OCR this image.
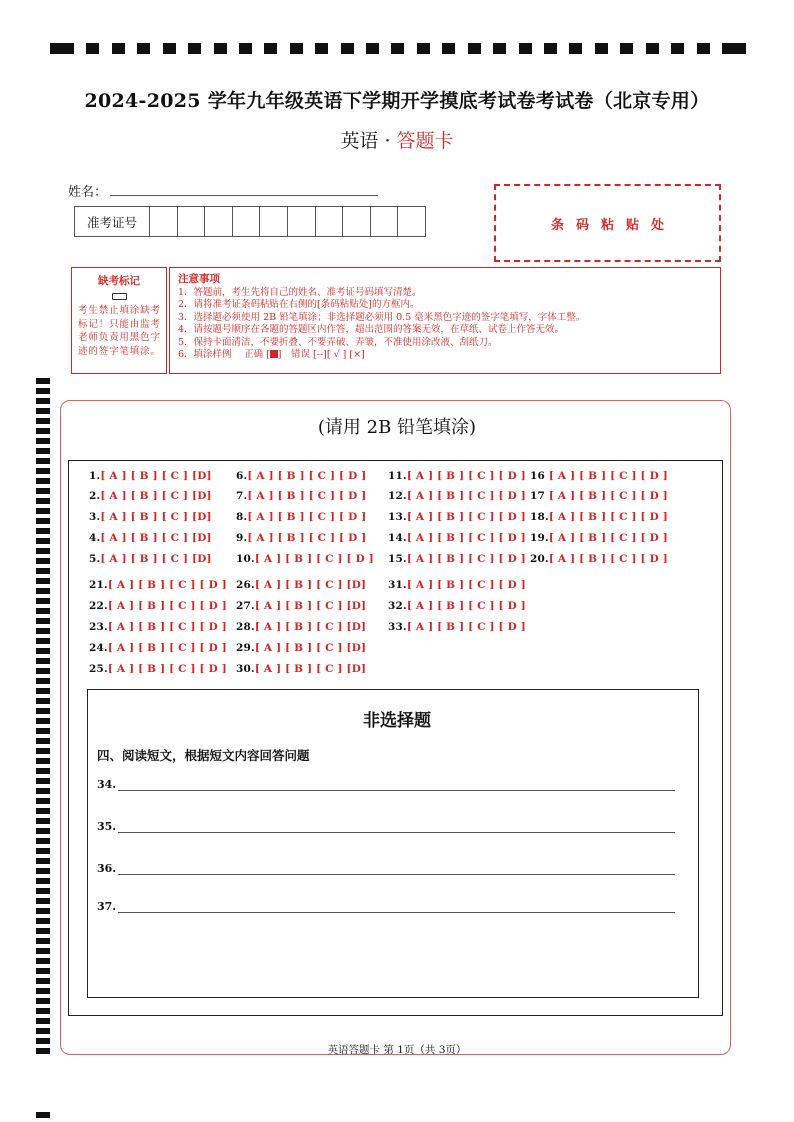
2024-2025 学年九年级英语下学期开学摸底考试卷考试卷（北京专用）
英语 · 答题卡
姓名：
准考证号	条码粘贴处
缺考标记
考生禁止填涂缺考标记！只能由监考老师负责用黑色字迹的签字笔填涂。
注意事项
1．答题前，考生先将自己的姓名、准考证号码填写清楚。
2．请将准考证条码粘贴在右侧的[条码粘贴处]的方框内。
3．选择题必须使用 2B 铅笔填涂；非选择题必须用 0.5 毫米黑色字迹的签字笔填写，字体工整。
4．请按题号顺序在各题的答题区内作答，超出范围的答案无效，在草纸、试卷上作答无效。
5．保持卡面清洁，不要折叠、不要弄破、弄皱，不准使用涂改液、刮纸刀。
6．填涂样例　 正确 [ ]　错误 [--][ √ ] [×]
(请用 2B 铅笔填涂)
1.[ A ] [ B ] [ C ] [D]
2.[ A ] [ B ] [ C ] [D]
3.[ A ] [ B ] [ C ] [D]
4.[ A ] [ B ] [ C ] [D]
5.[ A ] [ B ] [ C ] [D]
6.[ A ] [ B ] [ C ] [ D ]
7.[ A ] [ B ] [ C ] [ D ]
8.[ A ] [ B ] [ C ] [ D ]
9.[ A ] [ B ] [ C ] [ D ]
10.[ A ] [ B ] [ C ] [ D ]
11.[ A ] [ B ] [ C ] [ D ]
12.[ A ] [ B ] [ C ] [ D ]
13.[ A ] [ B ] [ C ] [ D ]
14.[ A ] [ B ] [ C ] [ D ]
15.[ A ] [ B ] [ C ] [ D ]
16 [ A ] [ B ] [ C ] [ D ]
17 [ A ] [ B ] [ C ] [ D ]
18.[ A ] [ B ] [ C ] [ D ]
19.[ A ] [ B ] [ C ] [ D ]
20.[ A ] [ B ] [ C ] [ D ]
21.[ A ] [ B ] [ C ] [ D ]
22.[ A ] [ B ] [ C ] [ D ]
23.[ A ] [ B ] [ C ] [ D ]
24.[ A ] [ B ] [ C ] [ D ]
25.[ A ] [ B ] [ C ] [ D ]
26.[ A ] [ B ] [ C ] [D]
27.[ A ] [ B ] [ C ] [D]
28.[ A ] [ B ] [ C ] [D]
29.[ A ] [ B ] [ C ] [D]
30.[ A ] [ B ] [ C ] [D]
31.[ A ] [ B ] [ C ] [ D ]
32.[ A ] [ B ] [ C ] [ D ]
33.[ A ] [ B ] [ C ] [ D ]
非选择题
四、阅读短文，根据短文内容回答问题
34.
35.
36.
37.
英语答题卡 第 1页（共 3页）
